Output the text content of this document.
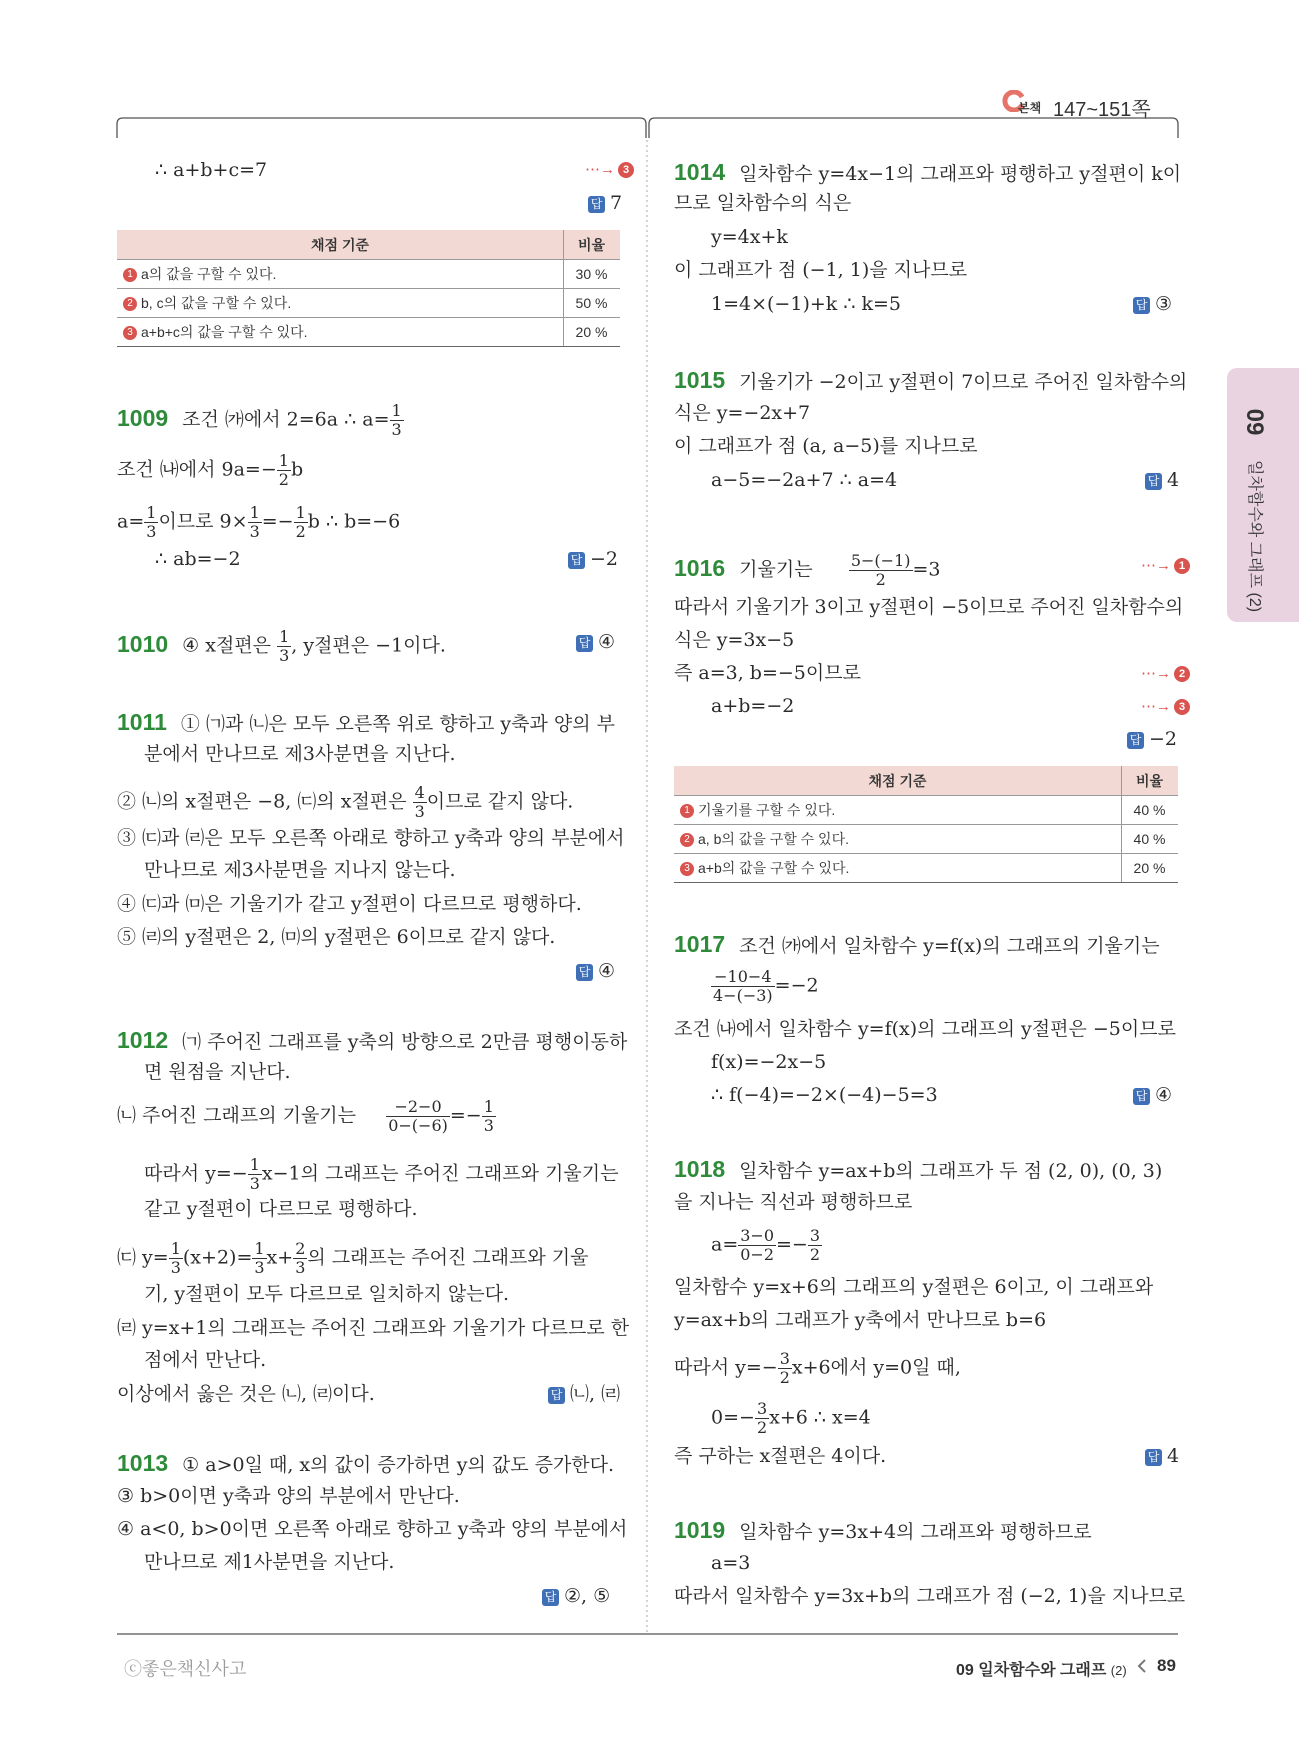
본책 147~151쪽
09
일차함수와 그래프 (2)
∴ a+b+c=7	⋯→ 3
답 7
채점 기준	비율
1 a의 값을 구할 수 있다.	30 %
2 b, c의 값을 구할 수 있다.	50 %
3 a+b+c의 값을 구할 수 있다.	20 %
1009 조건 ㈎에서 2=6a ∴ $a= \frac{1}{3}$
조건 ㈏에서 $9a=- \frac{1}{2}$ b
$a= \frac{1}{3}$ 이므로 $9\times \frac{1}{3} =- \frac{1}{2}$ b ∴ b=−6
∴ ab=−2	답 −2
1010 ④ x절편은 $\frac{1}{3}$ , y절편은 −1이다.	답 ④
1011 ① ㈀과 ㈁은 모두 오른쪽 위로 향하고 y축과 양의 부
분에서 만나므로 제3사분면을 지난다.
② ㈁의 x절편은 −8, ㈂의 x절편은 $\frac{4}{3}$ 이므로 같지 않다.
③ ㈂과 ㈃은 모두 오른쪽 아래로 향하고 y축과 양의 부분에서
만나므로 제3사분면을 지나지 않는다.
④ ㈂과 ㈄은 기울기가 같고 y절편이 다르므로 평행하다.
⑤ ㈃의 y절편은 2, ㈄의 y절편은 6이므로 같지 않다.
답 ④
1012 ㈀ 주어진 그래프를 y축의 방향으로 2만큼 평행이동하
면 원점을 지난다.
㈁ 주어진 그래프의 기울기는 $\frac{-2-0}{0-(-6)} =- \frac{1}{3}$
따라서 $y=- \frac{1}{3} x-1$의 그래프는 주어진 그래프와 기울기는
같고 y절편이 다르므로 평행하다.
㈂ $y= \frac{1}{3} (x+2)= \frac{1}{3} x+ \frac{2}{3}$ 의 그래프는 주어진 그래프와 기울
기, y절편이 모두 다르므로 일치하지 않는다.
㈃ y=x+1의 그래프는 주어진 그래프와 기울기가 다르므로 한
점에서 만난다.
이상에서 옳은 것은 ㈁, ㈃이다.	답 ㈁, ㈃
1013 ① a>0일 때, x의 값이 증가하면 y의 값도 증가한다.
③ b>0이면 y축과 양의 부분에서 만난다.
④ a<0, b>0이면 오른쪽 아래로 향하고 y축과 양의 부분에서
만나므로 제1사분면을 지난다.
답 ②, ⑤
1014 일차함수 y=4x−1의 그래프와 평행하고 y절편이 k이
므로 일차함수의 식은
y=4x+k
이 그래프가 점 (−1, 1)을 지나므로
1=4×(−1)+k ∴ k=5	답 ③
1015 기울기가 −2이고 y절편이 7이므로 주어진 일차함수의
식은 y=−2x+7
이 그래프가 점 (a, a−5)를 지나므로
a−5=−2a+7 ∴ a=4	답 4
1016 기울기는 $\frac{5-(-1)}{2} =3$	⋯→ 1
따라서 기울기가 3이고 y절편이 −5이므로 주어진 일차함수의
식은 y=3x−5
즉 a=3, b=−5이므로	⋯→ 2
a+b=−2	⋯→ 3
답 −2
채점 기준	비율
1 기울기를 구할 수 있다.	40 %
2 a, b의 값을 구할 수 있다.	40 %
3 a+b의 값을 구할 수 있다.	20 %
1017 조건 ㈎에서 일차함수 y=f(x)의 그래프의 기울기는
$\frac{-10-4}{4-(-3)} =-2$
조건 ㈏에서 일차함수 y=f(x)의 그래프의 y절편은 −5이므로
f(x)=−2x−5
∴ f(−4)=−2×(−4)−5=3	답 ④
1018 일차함수 y=ax+b의 그래프가 두 점 (2, 0), (0, 3)
을 지나는 직선과 평행하므로
$a= \frac{3-0}{0-2} =- \frac{3}{2}$
일차함수 y=x+6의 그래프의 y절편은 6이고, 이 그래프와
y=ax+b의 그래프가 y축에서 만나므로 b=6
따라서 $y=- \frac{3}{2} x+6$에서 y=0일 때,
$0=- \frac{3}{2} x+6$ ∴ x=4
즉 구하는 x절편은 4이다.	답 4
1019 일차함수 y=3x+4의 그래프와 평행하므로
a=3
따라서 일차함수 y=3x+b의 그래프가 점 (−2, 1)을 지나므로
ⓒ좋은책신사고	09 일차함수와 그래프 (2) 89
